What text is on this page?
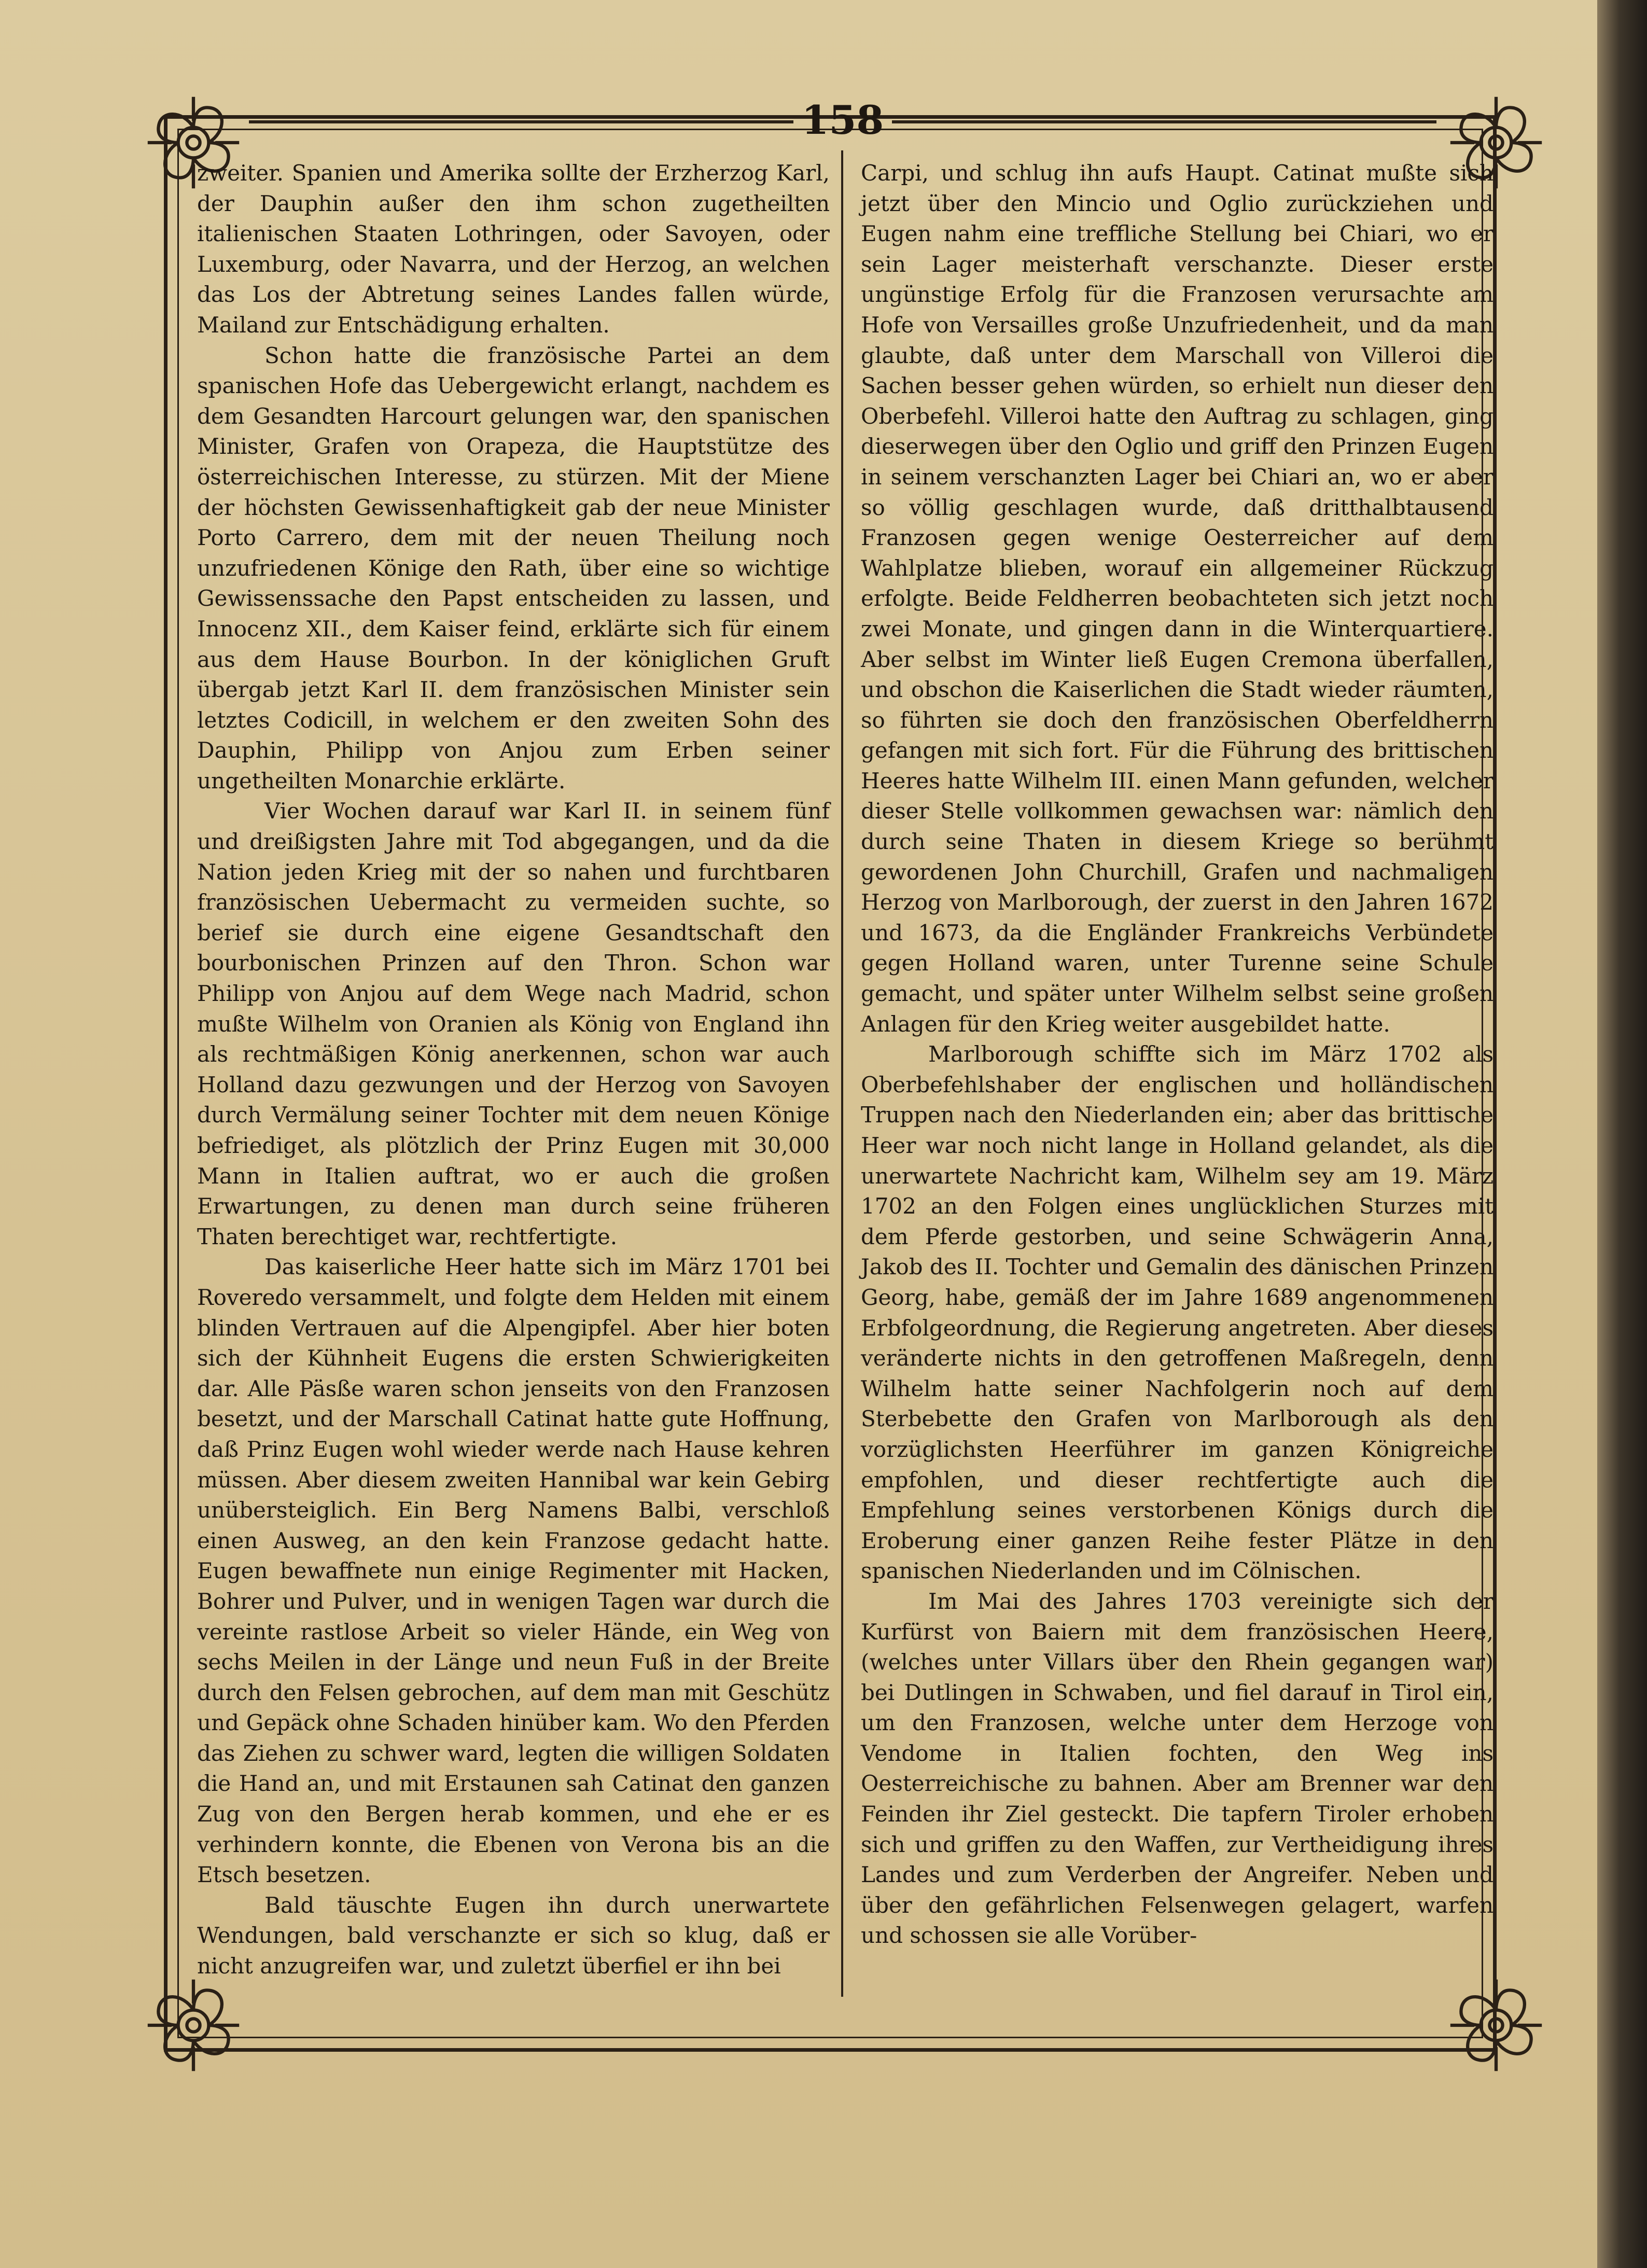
158

zweiter. Spanien und Amerika sollte der Erzherzog Karl, der Dauphin außer den ihm schon zugetheilten italienischen Staaten Lothringen, oder Savoyen, oder Luxemburg, oder Navarra, und der Herzog, an welchen das Los der Abtretung seines Landes fallen würde, Mailand zur Entschädigung erhalten.

Schon hatte die französische Partei an dem spanischen Hofe das Uebergewicht erlangt, nachdem es dem Gesandten Harcourt gelungen war, den spanischen Minister, Grafen von Orapeza, die Hauptstütze des österreichischen Interesse, zu stürzen. Mit der Miene der höchsten Gewissenhaftigkeit gab der neue Minister Porto Carrero, dem mit der neuen Theilung noch unzufriedenen Könige den Rath, über eine so wichtige Gewissenssache den Papst entscheiden zu lassen, und Innocenz XII., dem Kaiser feind, erklärte sich für einem aus dem Hause Bourbon. In der königlichen Gruft übergab jetzt Karl II. dem französischen Minister sein letztes Codicill, in welchem er den zweiten Sohn des Dauphin, Philipp von Anjou zum Erben seiner ungetheilten Monarchie erklärte.

Vier Wochen darauf war Karl II. in seinem fünf und dreißigsten Jahre mit Tod abgegangen, und da die Nation jeden Krieg mit der so nahen und furchtbaren französischen Uebermacht zu vermeiden suchte, so berief sie durch eine eigene Gesandtschaft den bourbonischen Prinzen auf den Thron. Schon war Philipp von Anjou auf dem Wege nach Madrid, schon mußte Wilhelm von Oranien als König von England ihn als rechtmäßigen König anerkennen, schon war auch Holland dazu gezwungen und der Herzog von Savoyen durch Vermälung seiner Tochter mit dem neuen Könige befriediget, als plötzlich der Prinz Eugen mit 30,000 Mann in Italien auftrat, wo er auch die großen Erwartungen, zu denen man durch seine früheren Thaten berechtiget war, rechtfertigte.

Das kaiserliche Heer hatte sich im März 1701 bei Roveredo versammelt, und folgte dem Helden mit einem blinden Vertrauen auf die Alpengipfel. Aber hier boten sich der Kühnheit Eugens die ersten Schwierigkeiten dar. Alle Päsße waren schon jenseits von den Franzosen besetzt, und der Marschall Catinat hatte gute Hoffnung, daß Prinz Eugen wohl wieder werde nach Hause kehren müssen. Aber diesem zweiten Hannibal war kein Gebirg unübersteiglich. Ein Berg Namens Balbi, verschloß einen Ausweg, an den kein Franzose gedacht hatte. Eugen bewaffnete nun einige Regimenter mit Hacken, Bohrer und Pulver, und in wenigen Tagen war durch die vereinte rastlose Arbeit so vieler Hände, ein Weg von sechs Meilen in der Länge und neun Fuß in der Breite durch den Felsen gebrochen, auf dem man mit Geschütz und Gepäck ohne Schaden hinüber kam. Wo den Pferden das Ziehen zu schwer ward, legten die willigen Soldaten die Hand an, und mit Erstaunen sah Catinat den ganzen Zug von den Bergen herab kommen, und ehe er es verhindern konnte, die Ebenen von Verona bis an die Etsch besetzen.

Bald täuschte Eugen ihn durch unerwartete Wendungen, bald verschanzte er sich so klug, daß er nicht anzugreifen war, und zuletzt überfiel er ihn bei

Carpi, und schlug ihn aufs Haupt. Catinat mußte sich jetzt über den Mincio und Oglio zurückziehen und Eugen nahm eine treffliche Stellung bei Chiari, wo er sein Lager meisterhaft verschanzte. Dieser erste ungünstige Erfolg für die Franzosen verursachte am Hofe von Versailles große Unzufriedenheit, und da man glaubte, daß unter dem Marschall von Villeroi die Sachen besser gehen würden, so erhielt nun dieser den Oberbefehl. Villeroi hatte den Auftrag zu schlagen, ging dieserwegen über den Oglio und griff den Prinzen Eugen in seinem verschanzten Lager bei Chiari an, wo er aber so völlig geschlagen wurde, daß dritthalbtausend Franzosen gegen wenige Oesterreicher auf dem Wahlplatze blieben, worauf ein allgemeiner Rückzug erfolgte. Beide Feldherren beobachteten sich jetzt noch zwei Monate, und gingen dann in die Winterquartiere. Aber selbst im Winter ließ Eugen Cremona überfallen, und obschon die Kaiserlichen die Stadt wieder räumten, so führten sie doch den französischen Oberfeldherrn gefangen mit sich fort. Für die Führung des brittischen Heeres hatte Wilhelm III. einen Mann gefunden, welcher dieser Stelle vollkommen gewachsen war: nämlich den durch seine Thaten in diesem Kriege so berühmt gewordenen John Churchill, Grafen und nachmaligen Herzog von Marlborough, der zuerst in den Jahren 1672 und 1673, da die Engländer Frankreichs Verbündete gegen Holland waren, unter Turenne seine Schule gemacht, und später unter Wilhelm selbst seine großen Anlagen für den Krieg weiter ausgebildet hatte.

Marlborough schiffte sich im März 1702 als Oberbefehlshaber der englischen und holländischen Truppen nach den Niederlanden ein; aber das brittische Heer war noch nicht lange in Holland gelandet, als die unerwartete Nachricht kam, Wilhelm sey am 19. März 1702 an den Folgen eines unglücklichen Sturzes mit dem Pferde gestorben, und seine Schwägerin Anna, Jakob des II. Tochter und Gemalin des dänischen Prinzen Georg, habe, gemäß der im Jahre 1689 angenommenen Erbfolgeordnung, die Regierung angetreten. Aber dieses veränderte nichts in den getroffenen Maßregeln, denn Wilhelm hatte seiner Nachfolgerin noch auf dem Sterbebette den Grafen von Marlborough als den vorzüglichsten Heerführer im ganzen Königreiche empfohlen, und dieser rechtfertigte auch die Empfehlung seines verstorbenen Königs durch die Eroberung einer ganzen Reihe fester Plätze in den spanischen Niederlanden und im Cölnischen.

Im Mai des Jahres 1703 vereinigte sich der Kurfürst von Baiern mit dem französischen Heere, (welches unter Villars über den Rhein gegangen war) bei Dutlingen in Schwaben, und fiel darauf in Tirol ein, um den Franzosen, welche unter dem Herzoge von Vendome in Italien fochten, den Weg ins Oesterreichische zu bahnen. Aber am Brenner war den Feinden ihr Ziel gesteckt. Die tapfern Tiroler erhoben sich und griffen zu den Waffen, zur Vertheidigung ihres Landes und zum Verderben der Angreifer. Neben und über den gefährlichen Felsenwegen gelagert, warfen und schossen sie alle Vorüber-
